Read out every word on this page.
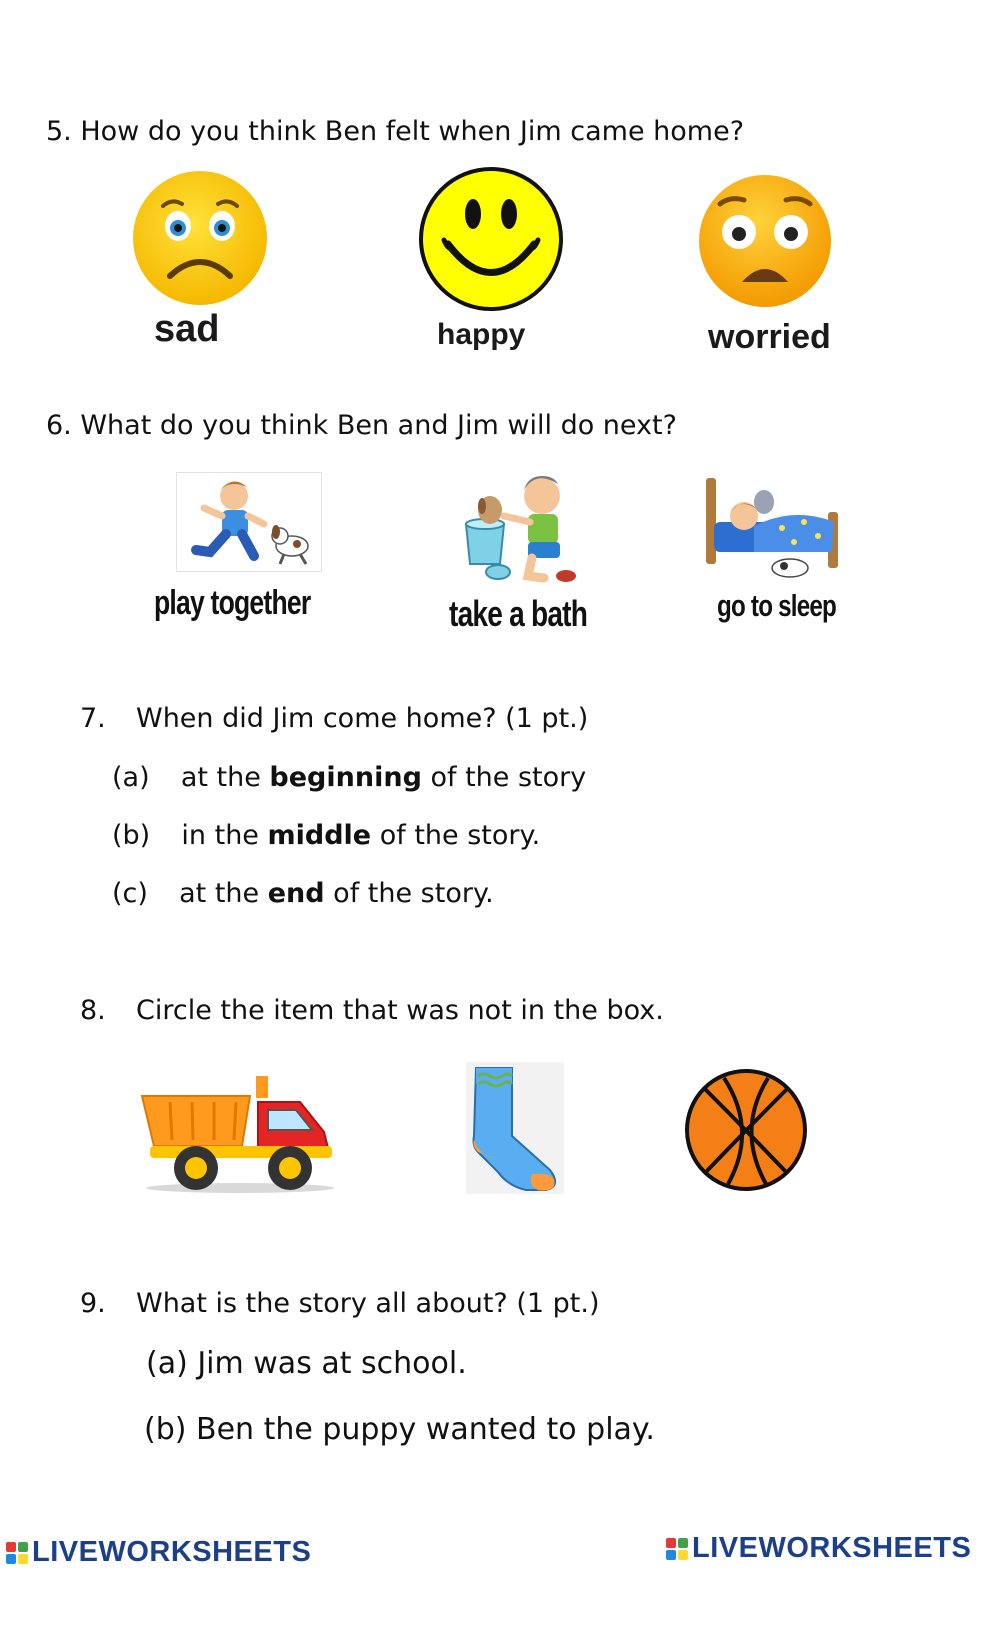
5. How do you think Ben felt when Jim came home?
sad	happy	worried
6. What do you think Ben and Jim will do next?
play together	take a bath	go to sleep
7. When did Jim come home? (1 pt.)
(a) at the beginning of the story
(b) in the middle of the story.
(c) at the end of the story.
8. Circle the item that was not in the box.
9. What is the story all about? (1 pt.)
(a) Jim was at school.
(b) Ben the puppy wanted to play.
LIVEWORKSHEETS	LIVEWORKSHEETS
